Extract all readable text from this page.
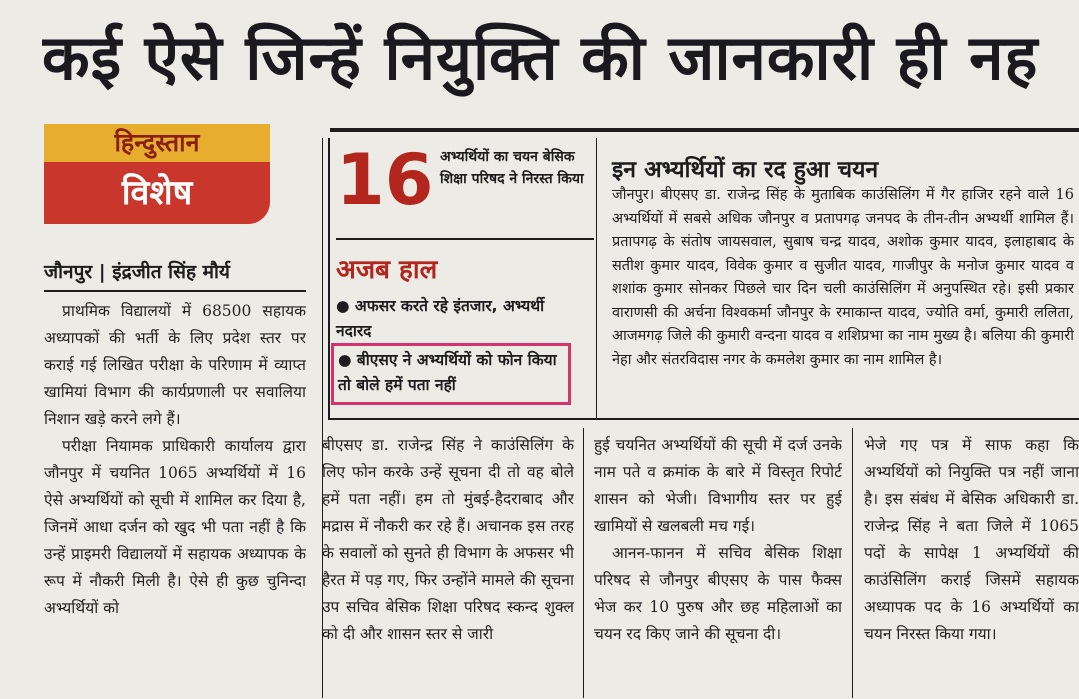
कई ऐसे जिन्हें नियुक्ति की जानकारी ही नह
हिन्दुस्तान
विशेष
जौनपुर | इंद्रजीत सिंह मौर्य

प्राथमिक विद्यालयों में 68500 सहायक अध्यापकों की भर्ती के लिए प्रदेश स्तर पर कराई गई लिखित परीक्षा के परिणाम में व्याप्त खामियां विभाग की कार्यप्रणाली पर सवालिया निशान खड़े करने लगे हैं।

परीक्षा नियामक प्राधिकारी कार्यालय द्वारा जौनपुर में चयनित 1065 अभ्यर्थियों में 16 ऐसे अभ्यर्थियों को सूची में शामिल कर दिया है, जिनमें आधा दर्जन को खुद भी पता नहीं है कि उन्हें प्राइमरी विद्यालयों में सहायक अध्यापक के रूप में नौकरी मिली है। ऐसे ही कुछ चुनिन्दा अभ्यर्थियों को

16 अभ्यर्थियों का चयन बेसिक शिक्षा परिषद ने निरस्त किया
अजब हाल
● अफसर करते रहे इंतजार, अभ्यर्थी नदारद
● बीएसए ने अभ्यर्थियों को फोन किया तो बोले हमें पता नहीं
इन अभ्यर्थियों का रद हुआ चयन
जौनपुर। बीएसए डा. राजेन्द्र सिंह के मुताबिक काउंसिलिंग में गैर हाजिर रहने वाले 16 अभ्यर्थियों में सबसे अधिक जौनपुर व प्रतापगढ़ जनपद के तीन-तीन अभ्यर्थी शामिल हैं। प्रतापगढ़ के संतोष जायसवाल, सुबाष चन्द्र यादव, अशोक कुमार यादव, इलाहाबाद के सतीश कुमार यादव, विवेक कुमार व सुजीत यादव, गाजीपुर के मनोज कुमार यादव व शशांक कुमार सोनकर पिछले चार दिन चली काउंसिलिंग में अनुपस्थित रहे। इसी प्रकार वाराणसी की अर्चना विश्वकर्मा जौनपुर के रमाकान्त यादव, ज्योति वर्मा, कुमारी ललिता, आजमगढ़ जिले की कुमारी वन्दना यादव व शशिप्रभा का नाम मुख्य है। बलिया की कुमारी नेहा और संतरविदास नगर के कमलेश कुमार का नाम शामिल है।

बीएसए डा. राजेन्द्र सिंह ने काउंसिलिंग के लिए फोन करके उन्हें सूचना दी तो वह बोले हमें पता नहीं। हम तो मुंबई-हैदराबाद और मद्रास में नौकरी कर रहे हैं। अचानक इस तरह के सवालों को सुनते ही विभाग के अफसर भी हैरत में पड़ गए, फिर उन्होंने मामले की सूचना उप सचिव बेसिक शिक्षा परिषद स्कन्द शुक्ल को दी और शासन स्तर से जारी

हुई चयनित अभ्यर्थियों की सूची में दर्ज उनके नाम पते व क्रमांक के बारे में विस्तृत रिपोर्ट शासन को भेजी। विभागीय स्तर पर हुई खामियों से खलबली मच गई।

आनन-फानन में सचिव बेसिक शिक्षा परिषद से जौनपुर बीएसए के पास फैक्स भेज कर 10 पुरुष और छह महिलाओं का चयन रद किए जाने की सूचना दी।

भेजे गए पत्र में साफ कहा कि अभ्यर्थियों को नियुक्ति पत्र नहीं जाना है। इस संबंध में बेसिक अधिकारी डा. राजेन्द्र सिंह ने बता जिले में 1065 पदों के सापेक्ष 1 अभ्यर्थियों की काउंसिलिंग कराई जिसमें सहायक अध्यापक पद के 16 अभ्यर्थियों का चयन निरस्त किया गया।
